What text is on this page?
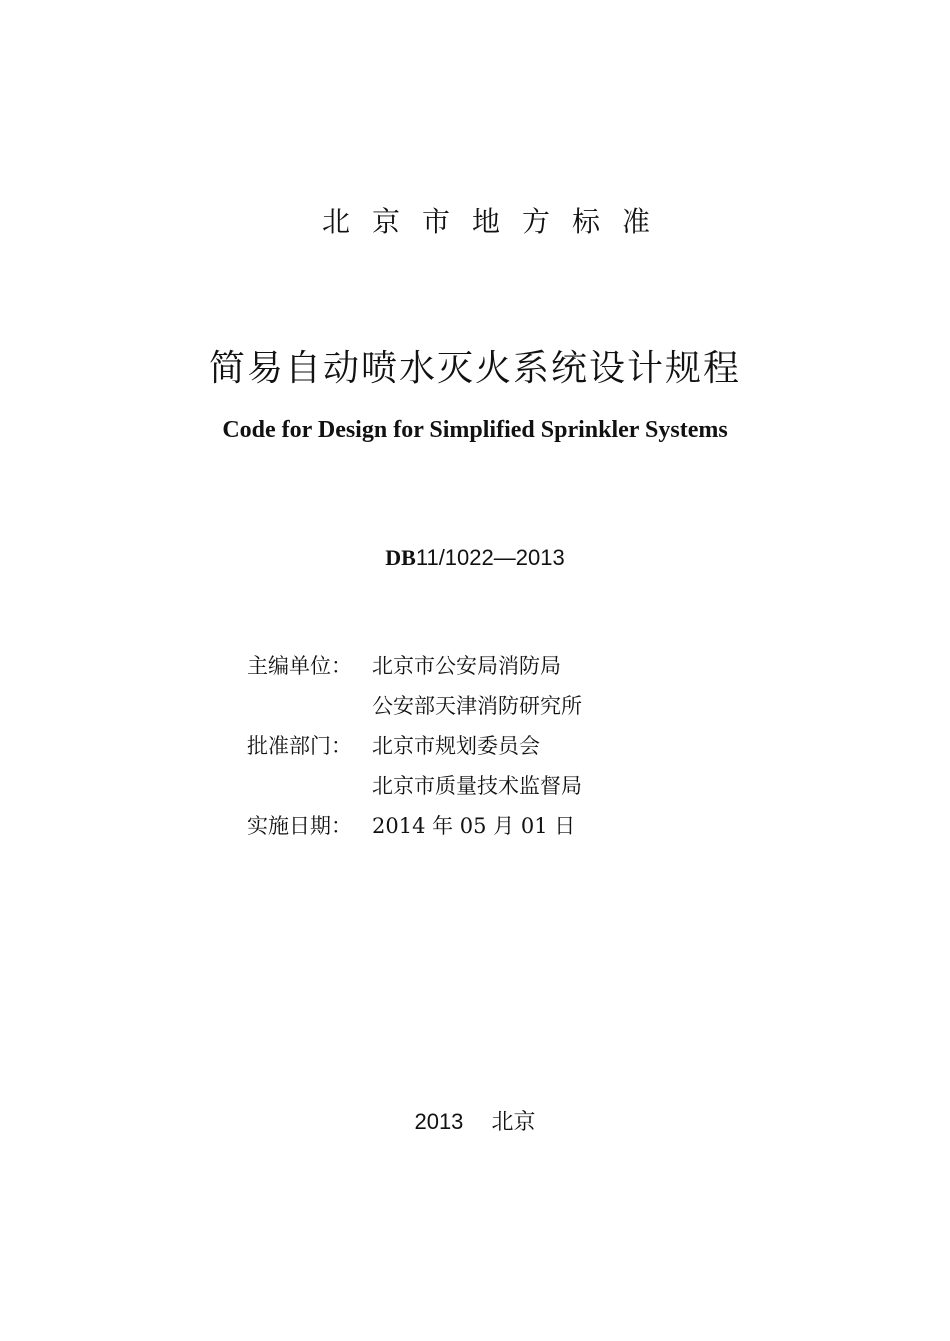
北京市地方标准
简易自动喷水灭火系统设计规程
Code for Design for Simplified Sprinkler Systems
DB11/1022—2013
主编单位： 北京市公安局消防局
公安部天津消防研究所
批准部门： 北京市规划委员会
北京市质量技术监督局
实施日期： 2014 年 05 月 01 日
2013 北京
